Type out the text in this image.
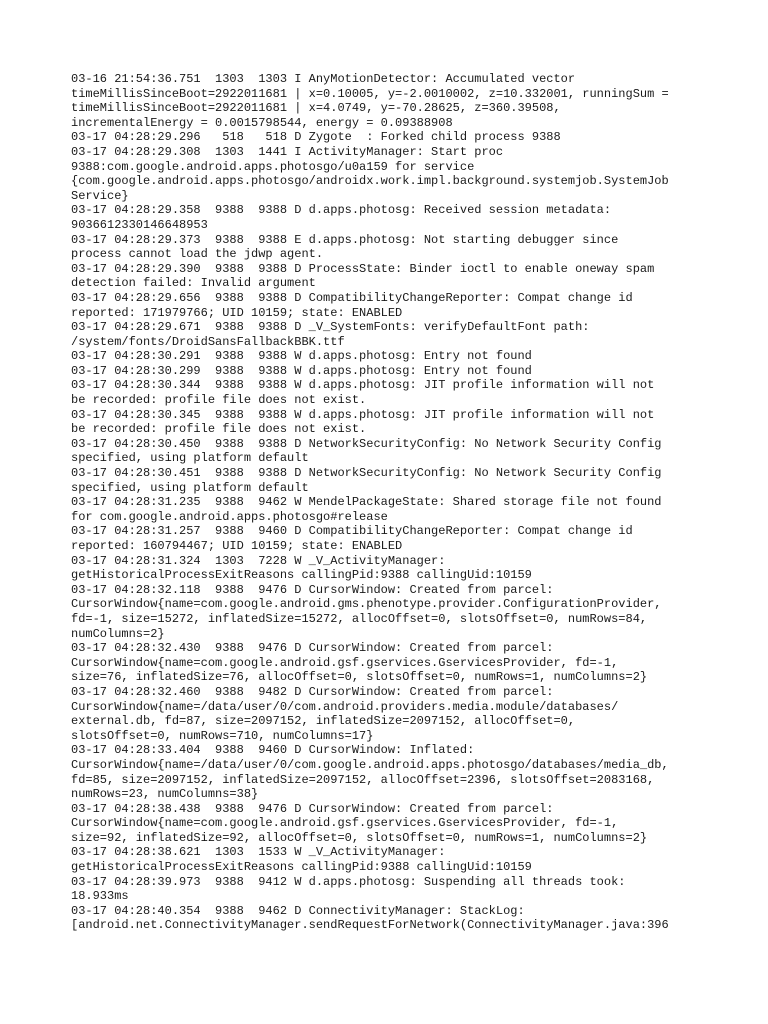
03-16 21:54:36.751  1303  1303 I AnyMotionDetector: Accumulated vector
timeMillisSinceBoot=2922011681 | x=0.10005, y=-2.0010002, z=10.332001, runningSum =
timeMillisSinceBoot=2922011681 | x=4.0749, y=-70.28625, z=360.39508,
incrementalEnergy = 0.0015798544, energy = 0.09388908
03-17 04:28:29.296   518   518 D Zygote  : Forked child process 9388
03-17 04:28:29.308  1303  1441 I ActivityManager: Start proc
9388:com.google.android.apps.photosgo/u0a159 for service
{com.google.android.apps.photosgo/androidx.work.impl.background.systemjob.SystemJob
Service}
03-17 04:28:29.358  9388  9388 D d.apps.photosg: Received session metadata:
9036612330146648953
03-17 04:28:29.373  9388  9388 E d.apps.photosg: Not starting debugger since
process cannot load the jdwp agent.
03-17 04:28:29.390  9388  9388 D ProcessState: Binder ioctl to enable oneway spam
detection failed: Invalid argument
03-17 04:28:29.656  9388  9388 D CompatibilityChangeReporter: Compat change id
reported: 171979766; UID 10159; state: ENABLED
03-17 04:28:29.671  9388  9388 D _V_SystemFonts: verifyDefaultFont path:
/system/fonts/DroidSansFallbackBBK.ttf
03-17 04:28:30.291  9388  9388 W d.apps.photosg: Entry not found
03-17 04:28:30.299  9388  9388 W d.apps.photosg: Entry not found
03-17 04:28:30.344  9388  9388 W d.apps.photosg: JIT profile information will not
be recorded: profile file does not exist.
03-17 04:28:30.345  9388  9388 W d.apps.photosg: JIT profile information will not
be recorded: profile file does not exist.
03-17 04:28:30.450  9388  9388 D NetworkSecurityConfig: No Network Security Config
specified, using platform default
03-17 04:28:30.451  9388  9388 D NetworkSecurityConfig: No Network Security Config
specified, using platform default
03-17 04:28:31.235  9388  9462 W MendelPackageState: Shared storage file not found
for com.google.android.apps.photosgo#release
03-17 04:28:31.257  9388  9460 D CompatibilityChangeReporter: Compat change id
reported: 160794467; UID 10159; state: ENABLED
03-17 04:28:31.324  1303  7228 W _V_ActivityManager:
getHistoricalProcessExitReasons callingPid:9388 callingUid:10159
03-17 04:28:32.118  9388  9476 D CursorWindow: Created from parcel:
CursorWindow{name=com.google.android.gms.phenotype.provider.ConfigurationProvider,
fd=-1, size=15272, inflatedSize=15272, allocOffset=0, slotsOffset=0, numRows=84,
numColumns=2}
03-17 04:28:32.430  9388  9476 D CursorWindow: Created from parcel:
CursorWindow{name=com.google.android.gsf.gservices.GservicesProvider, fd=-1,
size=76, inflatedSize=76, allocOffset=0, slotsOffset=0, numRows=1, numColumns=2}
03-17 04:28:32.460  9388  9482 D CursorWindow: Created from parcel:
CursorWindow{name=/data/user/0/com.android.providers.media.module/databases/
external.db, fd=87, size=2097152, inflatedSize=2097152, allocOffset=0,
slotsOffset=0, numRows=710, numColumns=17}
03-17 04:28:33.404  9388  9460 D CursorWindow: Inflated:
CursorWindow{name=/data/user/0/com.google.android.apps.photosgo/databases/media_db,
fd=85, size=2097152, inflatedSize=2097152, allocOffset=2396, slotsOffset=2083168,
numRows=23, numColumns=38}
03-17 04:28:38.438  9388  9476 D CursorWindow: Created from parcel:
CursorWindow{name=com.google.android.gsf.gservices.GservicesProvider, fd=-1,
size=92, inflatedSize=92, allocOffset=0, slotsOffset=0, numRows=1, numColumns=2}
03-17 04:28:38.621  1303  1533 W _V_ActivityManager:
getHistoricalProcessExitReasons callingPid:9388 callingUid:10159
03-17 04:28:39.973  9388  9412 W d.apps.photosg: Suspending all threads took:
18.933ms
03-17 04:28:40.354  9388  9462 D ConnectivityManager: StackLog:
[android.net.ConnectivityManager.sendRequestForNetwork(ConnectivityManager.java:396
